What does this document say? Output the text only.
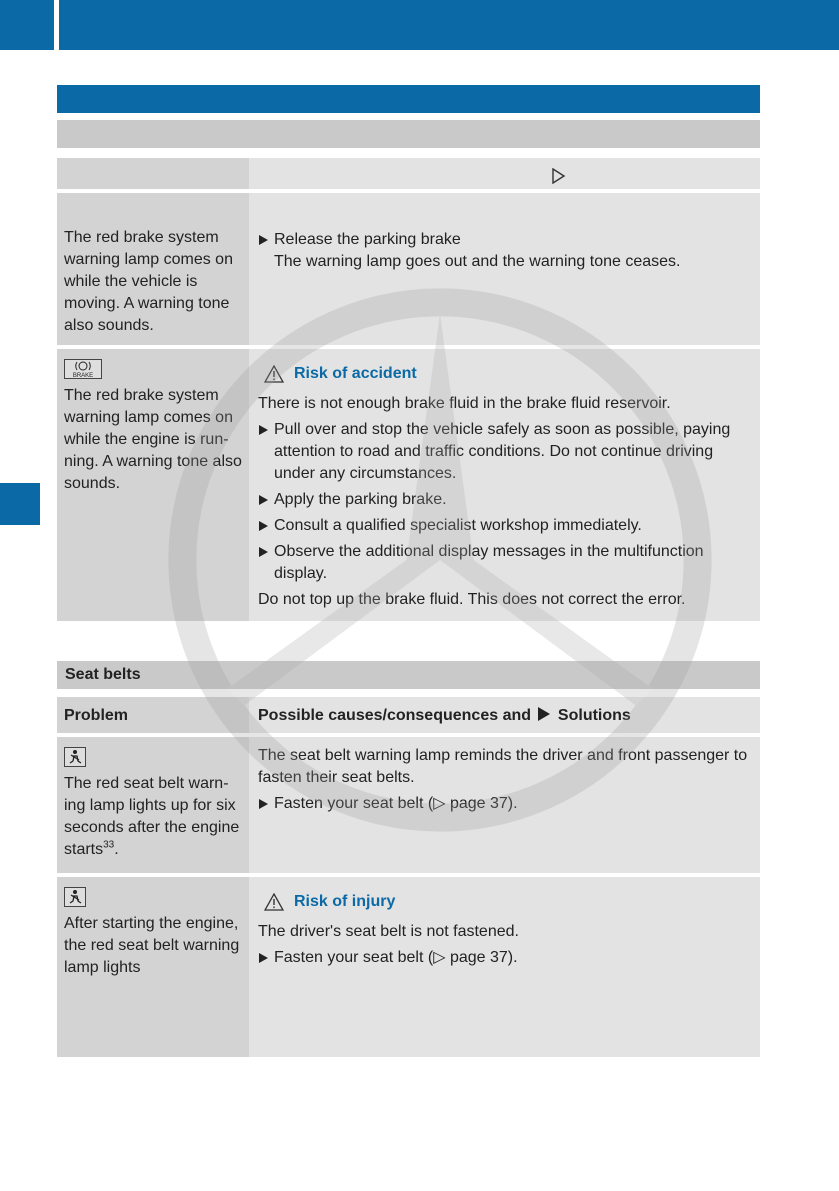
The red brake system warning lamp comes on while the vehicle is moving. A warning tone also sounds.
Release the parking brake
The warning lamp goes out and the warning tone ceases.
BRAKE
The red brake system warning lamp comes on while the engine is run-ning. A warning tone also sounds.
Risk of accident
There is not enough brake fluid in the brake fluid reservoir.
Pull over and stop the vehicle safely as soon as possible, paying attention to road and traffic conditions. Do not continue driving under any circumstances.
Apply the parking brake.
Consult a qualified specialist workshop immediately.
Observe the additional display messages in the multifunction display.
Do not top up the brake fluid. This does not correct the error.
Seat belts
Problem	Possible causes/consequences and Solutions
The red seat belt warn-ing lamp lights up for six seconds after the engine starts$^{33}$.
The seat belt warning lamp reminds the driver and front passenger to fasten their seat belts.
Fasten your seat belt (▷ page 37).
After starting the engine, the red seat belt warning lamp lights
Risk of injury
The driver's seat belt is not fastened.
Fasten your seat belt (▷ page 37).
